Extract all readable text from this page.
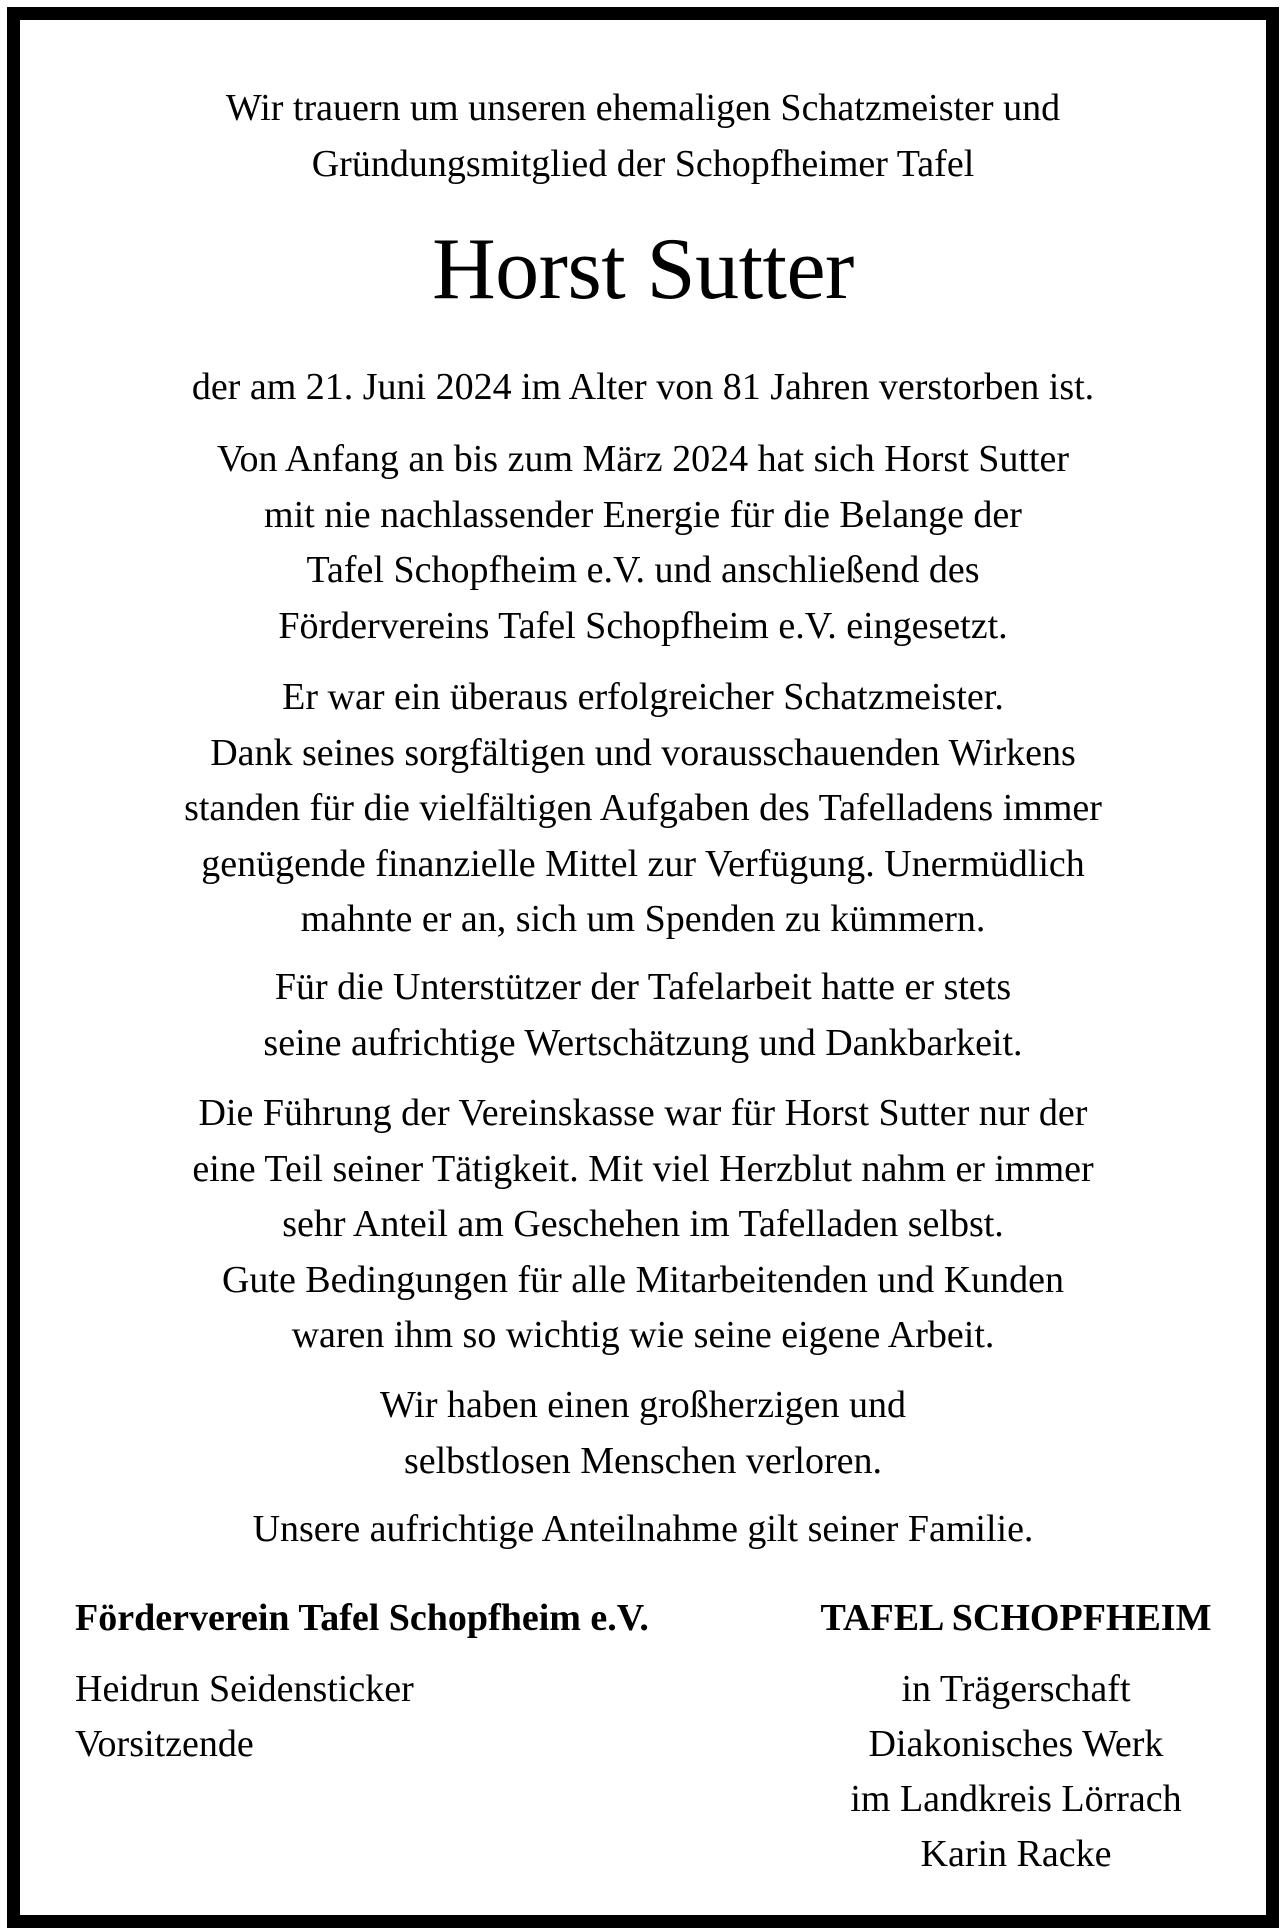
Wir trauern um unseren ehemaligen Schatzmeister und
Gründungsmitglied der Schopfheimer Tafel
Horst Sutter
der am 21. Juni 2024 im Alter von 81 Jahren verstorben ist.
Von Anfang an bis zum März 2024 hat sich Horst Sutter
mit nie nachlassender Energie für die Belange der
Tafel Schopfheim e.V. und anschließend des
Fördervereins Tafel Schopfheim e.V. eingesetzt.
Er war ein überaus erfolgreicher Schatzmeister.
Dank seines sorgfältigen und vorausschauenden Wirkens
standen für die vielfältigen Aufgaben des Tafelladens immer
genügende finanzielle Mittel zur Verfügung. Unermüdlich
mahnte er an, sich um Spenden zu kümmern.
Für die Unterstützer der Tafelarbeit hatte er stets
seine aufrichtige Wertschätzung und Dankbarkeit.
Die Führung der Vereinskasse war für Horst Sutter nur der
eine Teil seiner Tätigkeit. Mit viel Herzblut nahm er immer
sehr Anteil am Geschehen im Tafelladen selbst.
Gute Bedingungen für alle Mitarbeitenden und Kunden
waren ihm so wichtig wie seine eigene Arbeit.
Wir haben einen großherzigen und
selbstlosen Menschen verloren.
Unsere aufrichtige Anteilnahme gilt seiner Familie.
Förderverein Tafel Schopfheim e.V.
Heidrun Seidensticker
Vorsitzende
TAFEL SCHOPFHEIM
in Trägerschaft
Diakonisches Werk
im Landkreis Lörrach
Karin Racke
